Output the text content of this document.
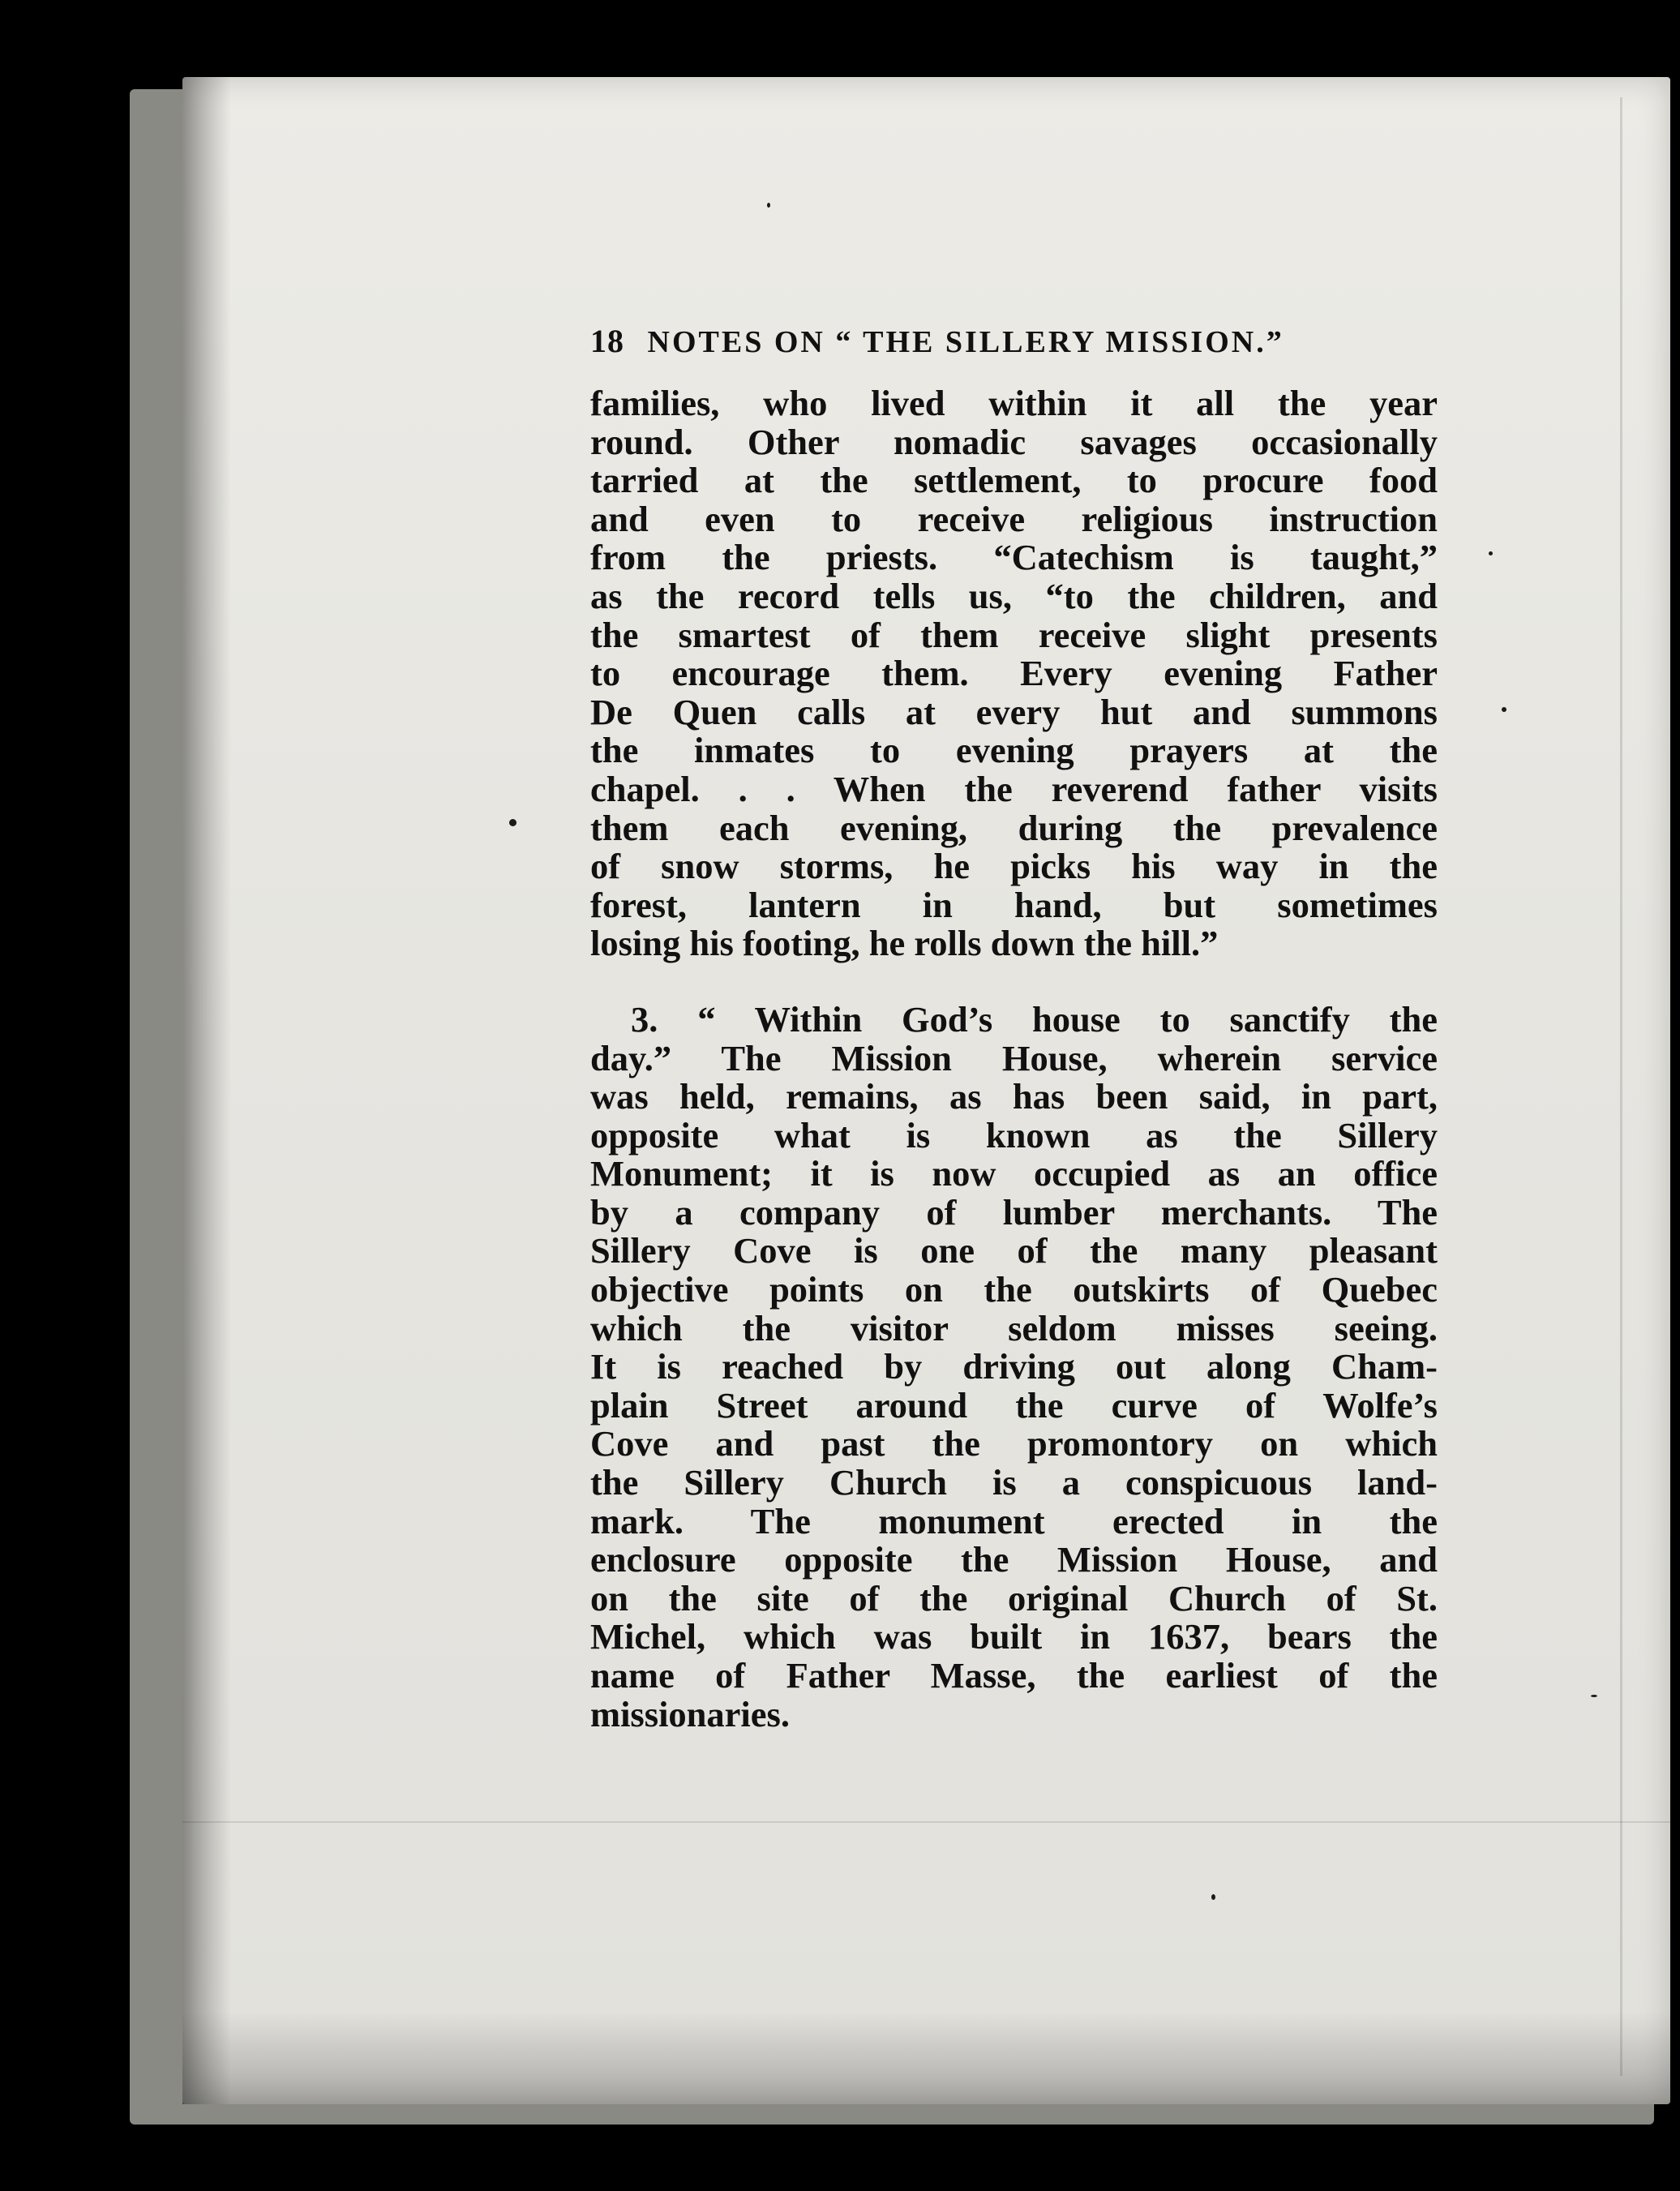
18 NOTES ON “ THE SILLERY MISSION.”
families, who lived within it all the year
round. Other nomadic savages occasionally
tarried at the settlement, to procure food
and even to receive religious instruction
from the priests. “Catechism is taught,”
as the record tells us, “to the children, and
the smartest of them receive slight presents
to encourage them. Every evening Father
De Quen calls at every hut and summons
the inmates to evening prayers at the
chapel. . . When the reverend father visits
them each evening, during the prevalence
of snow storms, he picks his way in the
forest, lantern in hand, but sometimes
losing his footing, he rolls down the hill.”
3. “ Within God’s house to sanctify the
day.” The Mission House, wherein service
was held, remains, as has been said, in part,
opposite what is known as the Sillery
Monument; it is now occupied as an office
by a company of lumber merchants. The
Sillery Cove is one of the many pleasant
objective points on the outskirts of Quebec
which the visitor seldom misses seeing.
It is reached by driving out along Cham-
plain Street around the curve of Wolfe’s
Cove and past the promontory on which
the Sillery Church is a conspicuous land-
mark. The monument erected in the
enclosure opposite the Mission House, and
on the site of the original Church of St.
Michel, which was built in 1637, bears the
name of Father Masse, the earliest of the
missionaries.
